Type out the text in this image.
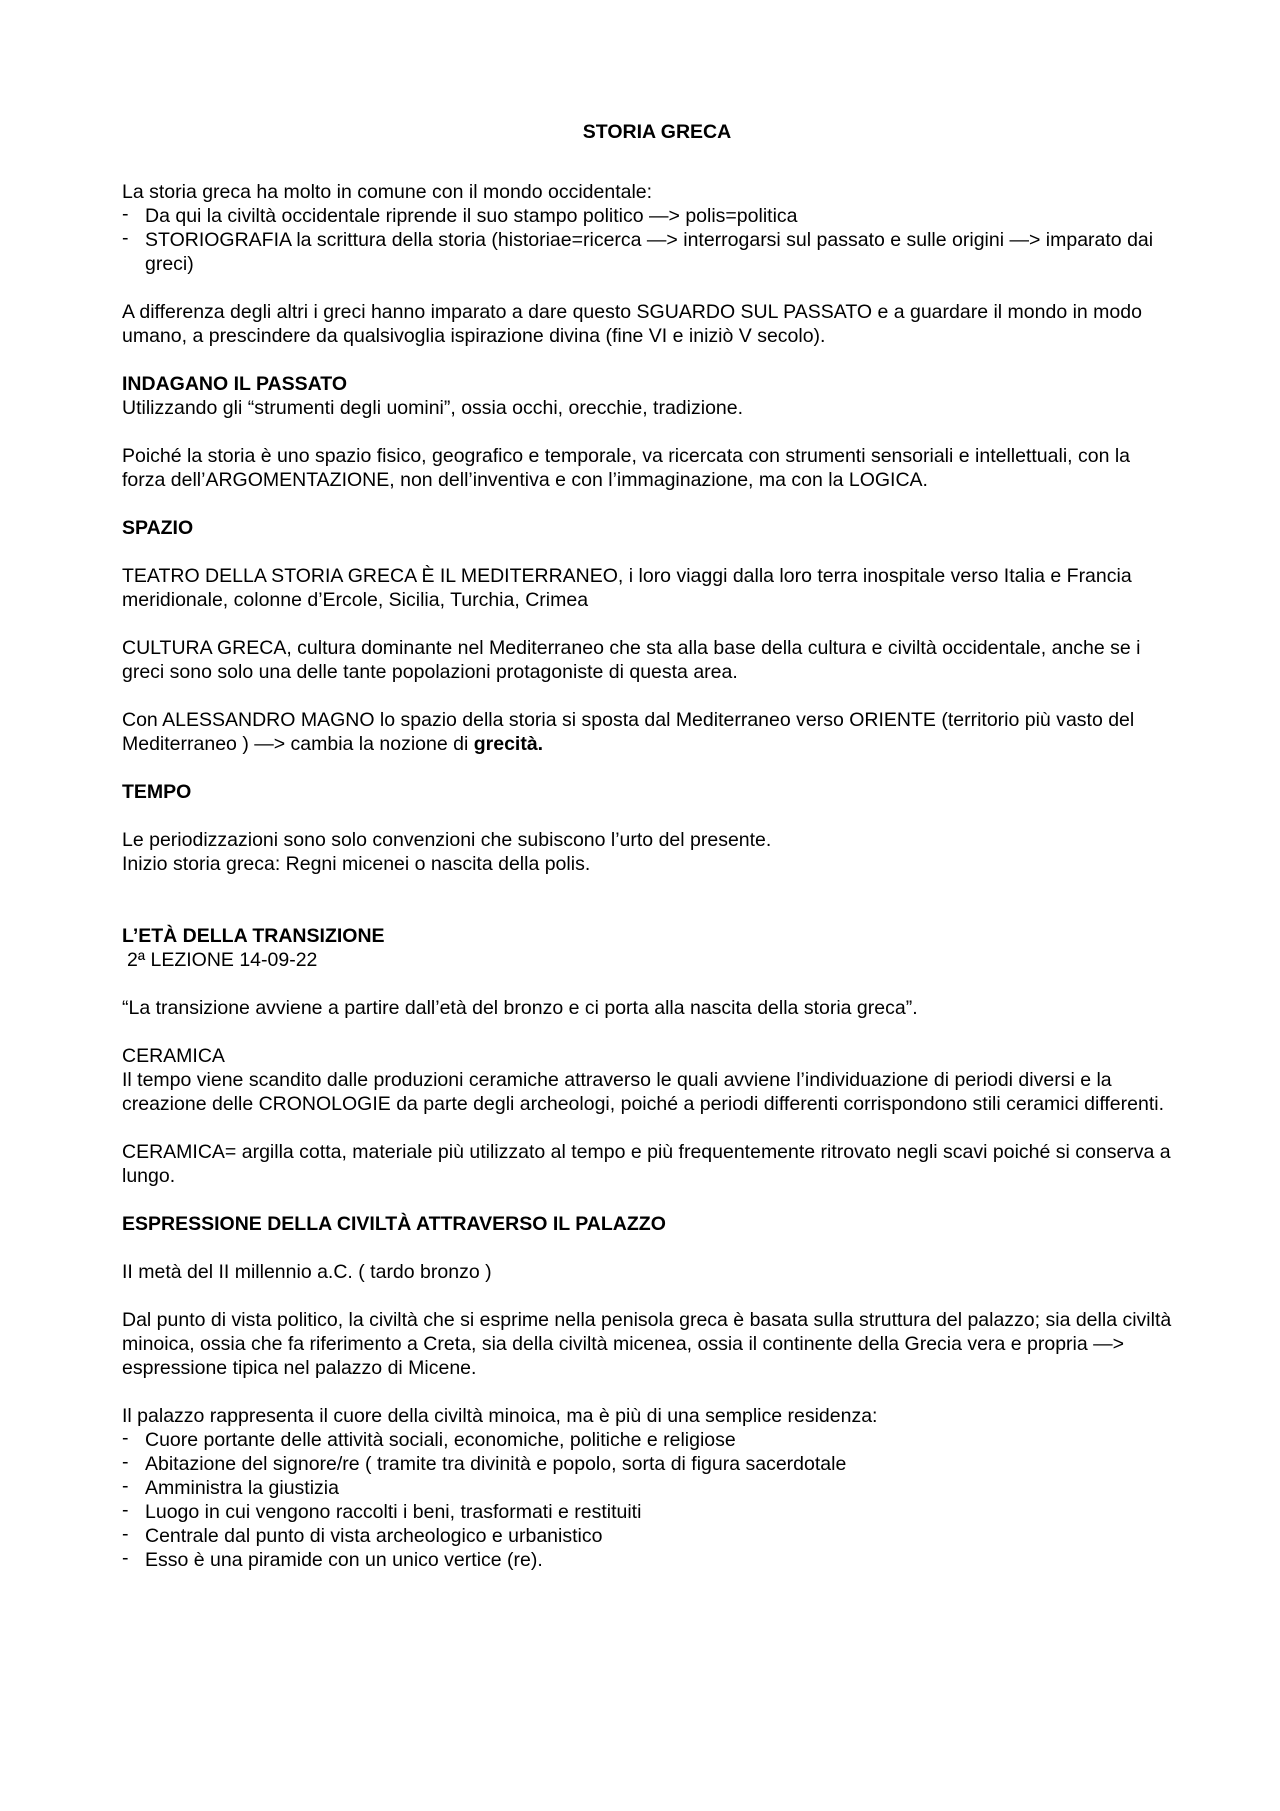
STORIA GRECA

La storia greca ha molto in comune con il mondo occidentale:

- Da qui la civiltà occidentale riprende il suo stampo politico —> polis=politica
- STORIOGRAFIA la scrittura della storia (historiae=ricerca —> interrogarsi sul passato e sulle origini —> imparato dai greci)

A differenza degli altri i greci hanno imparato a dare questo SGUARDO SUL PASSATO e a guardare il mondo in modo umano, a prescindere da qualsivoglia ispirazione divina (fine VI e iniziò V secolo).

INDAGANO IL PASSATO

Utilizzando gli “strumenti degli uomini”, ossia occhi, orecchie, tradizione.

Poiché la storia è uno spazio fisico, geografico e temporale, va ricercata con strumenti sensoriali e intellettuali, con la forza dell’ARGOMENTAZIONE, non dell’inventiva e con l’immaginazione, ma con la LOGICA.

SPAZIO

TEATRO DELLA STORIA GRECA È IL MEDITERRANEO, i loro viaggi dalla loro terra inospitale verso Italia e Francia meridionale, colonne d’Ercole, Sicilia, Turchia, Crimea

CULTURA GRECA, cultura dominante nel Mediterraneo che sta alla base della cultura e civiltà occidentale, anche se i greci sono solo una delle tante popolazioni protagoniste di questa area.

Con ALESSANDRO MAGNO lo spazio della storia si sposta dal Mediterraneo verso ORIENTE (territorio più vasto del Mediterraneo ) —> cambia la nozione di grecità.

TEMPO

Le periodizzazioni sono solo convenzioni che subiscono l’urto del presente.

Inizio storia greca: Regni micenei o nascita della polis.

L’ETÀ DELLA TRANSIZIONE

2ª LEZIONE 14-09-22

“La transizione avviene a partire dall’età del bronzo e ci porta alla nascita della storia greca”.

CERAMICA

Il tempo viene scandito dalle produzioni ceramiche attraverso le quali avviene l’individuazione di periodi diversi e la creazione delle CRONOLOGIE da parte degli archeologi, poiché a periodi differenti corrispondono stili ceramici differenti.

CERAMICA= argilla cotta, materiale più utilizzato al tempo e più frequentemente ritrovato negli scavi poiché si conserva a lungo.

ESPRESSIONE DELLA CIVILTÀ ATTRAVERSO IL PALAZZO

II metà del II millennio a.C. ( tardo bronzo )

Dal punto di vista politico, la civiltà che si esprime nella penisola greca è basata sulla struttura del palazzo; sia della civiltà minoica, ossia che fa riferimento a Creta, sia della civiltà micenea, ossia il continente della Grecia vera e propria —> espressione tipica nel palazzo di Micene.

Il palazzo rappresenta il cuore della civiltà minoica, ma è più di una semplice residenza:

- Cuore portante delle attività sociali, economiche, politiche e religiose
- Abitazione del signore/re ( tramite tra divinità e popolo, sorta di figura sacerdotale
- Amministra la giustizia
- Luogo in cui vengono raccolti i beni, trasformati e restituiti
- Centrale dal punto di vista archeologico e urbanistico
- Esso è una piramide con un unico vertice (re).
